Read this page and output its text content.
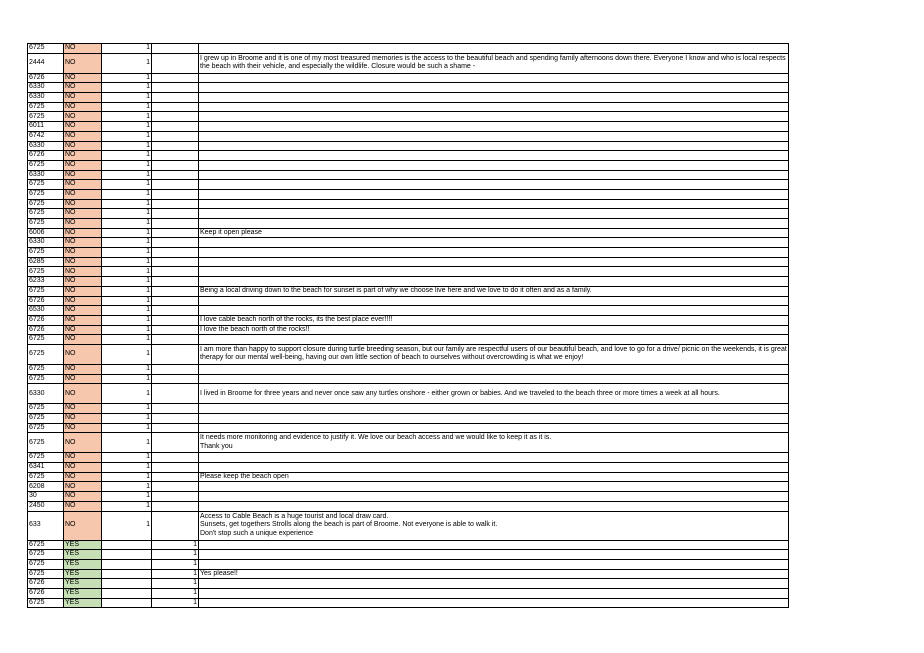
6725	NO	1		
2444	NO	1		I grew up in Broome and it is one of my most treasured memories is the access to the beautiful beach and spending family afternoons down there. Everyone I know and who is local respects the beach with their vehicle, and especially the wildlife. Closure would be such a shame -
6726	NO	1		
6330	NO	1		
6330	NO	1		
6725	NO	1		
6725	NO	1		
6011	NO	1		
6742	NO	1		
6330	NO	1		
6726	NO	1		
6725	NO	1		
6330	NO	1		
6725	NO	1		
6725	NO	1		
6725	NO	1		
6725	NO	1		
6725	NO	1		
6006	NO	1		Keep it open please
6330	NO	1		
6725	NO	1		
6285	NO	1		
6725	NO	1		
6233	NO	1		
6725	NO	1		Being a local driving down to the beach for sunset is part of why we choose live here and we love to do it often and as a family.
6726	NO	1		
6530	NO	1		
6726	NO	1		I love cable beach north of the rocks, its the best place ever!!!!
6726	NO	1		I love the beach north of the rocks!!
6725	NO	1		
6725	NO	1		I am more than happy to support closure during turtle breeding season, but our family are respectful users of our beautiful beach, and love to go for a drive/ picnic on the weekends, it is great therapy for our mental well-being, having our own little section of beach to ourselves without overcrowding is what we enjoy!
6725	NO	1		
6725	NO	1		
6330	NO	1		I lived in Broome for three years and never once saw any turtles onshore - either grown or babies. And we traveled to the beach three or more times a week at all hours.
6725	NO	1		
6725	NO	1		
6725	NO	1		
6725	NO	1		It needs more monitoring and evidence to justify it. We love our beach access and we would like to keep it as it is.
Thank you
6725	NO	1		
6341	NO	1		
6725	NO	1		Please keep the beach open
6208	NO	1		
30	NO	1		
2450	NO	1		
633	NO	1		Access to Cable Beach is a huge tourist and local draw card.
Sunsets, get togethers Strolls along the beach is part of Broome. Not everyone is able to walk it.
Don't stop such a unique experience
6725	YES		1	
6725	YES		1	
6725	YES		1	
6725	YES		1	Yes please!!
6726	YES		1	
6726	YES		1	
6725	YES		1	
